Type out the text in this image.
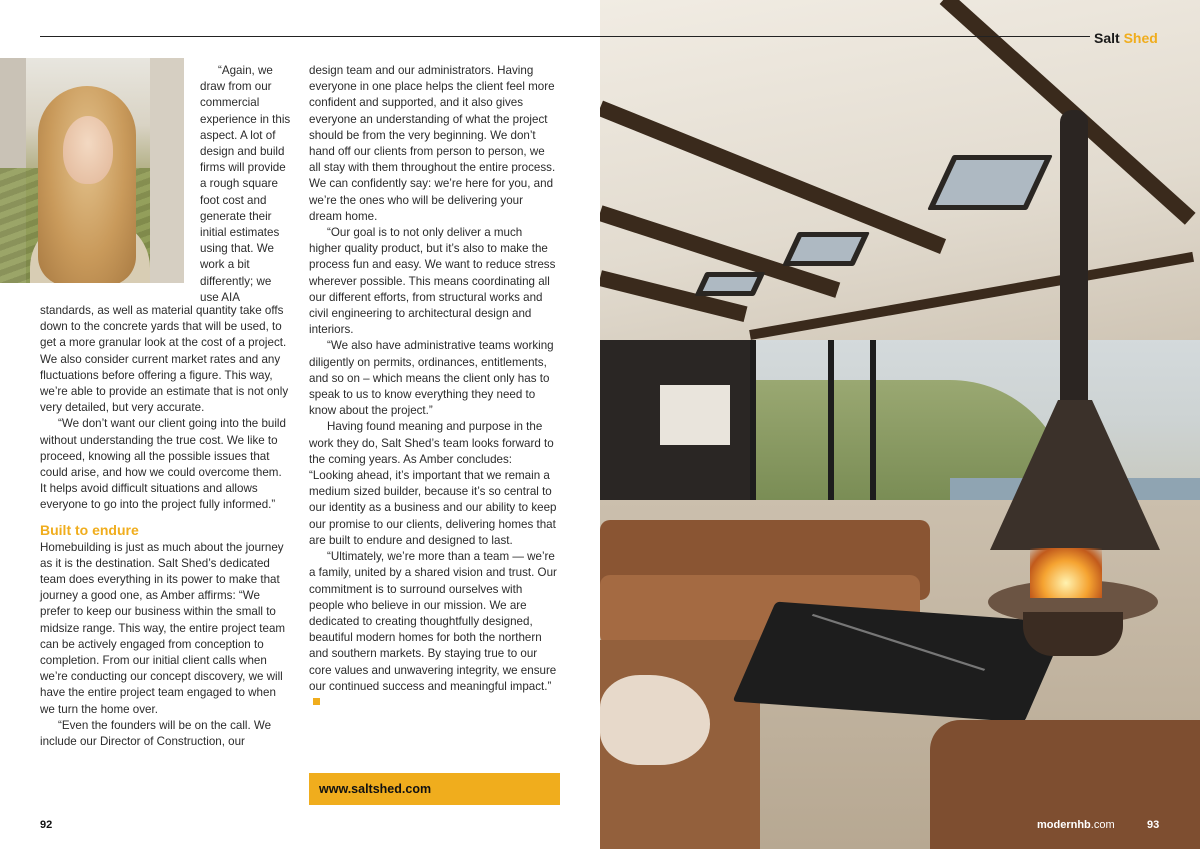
“Again, we draw from our commercial experience in this aspect. A lot of design and build firms will provide a rough square foot cost and generate their initial estimates using that. We work a bit differently; we use AIA

standards, as well as material quantity take offs down to the concrete yards that will be used, to get a more granular look at the cost of a project. We also consider current market rates and any fluctuations before offering a figure. This way, we’re able to provide an estimate that is not only very detailed, but very accurate.

“We don’t want our client going into the build without understanding the true cost. We like to proceed, knowing all the possible issues that could arise, and how we could overcome them. It helps avoid difficult situations and allows everyone to go into the project fully informed.”

Built to endure

Homebuilding is just as much about the journey as it is the destination. Salt Shed’s dedicated team does everything in its power to make that journey a good one, as Amber affirms: “We prefer to keep our business within the small to midsize range. This way, the entire project team can be actively engaged from conception to completion. From our initial client calls when we’re conducting our concept discovery, we will have the entire project team engaged to when we turn the home over.

“Even the founders will be on the call. We include our Director of Construction, our

design team and our administrators. Having everyone in one place helps the client feel more confident and supported, and it also gives everyone an understanding of what the project should be from the very beginning. We don’t hand off our clients from person to person, we all stay with them throughout the entire process. We can confidently say: we’re here for you, and we’re the ones who will be delivering your dream home.

“Our goal is to not only deliver a much higher quality product, but it’s also to make the process fun and easy. We want to reduce stress wherever possible. This means coordinating all our different efforts, from structural works and civil engineering to architectural design and interiors.

“We also have administrative teams working diligently on permits, ordinances, entitlements, and so on – which means the client only has to speak to us to know everything they need to know about the project.”

Having found meaning and purpose in the work they do, Salt Shed’s team looks forward to the coming years. As Amber concludes: “Looking ahead, it’s important that we remain a medium sized builder, because it’s so central to our identity as a business and our ability to keep our promise to our clients, delivering homes that are built to endure and designed to last.

“Ultimately, we’re more than a team — we’re a family, united by a shared vision and trust. Our commitment is to surround ourselves with people who believe in our mission. We are dedicated to creating thoughtfully designed, beautiful modern homes for both the northern and southern markets. By staying true to our core values and unwavering integrity, we ensure our continued success and meaningful impact.”

www.saltshed.com
92
Salt Shed
modernhb.com	93
